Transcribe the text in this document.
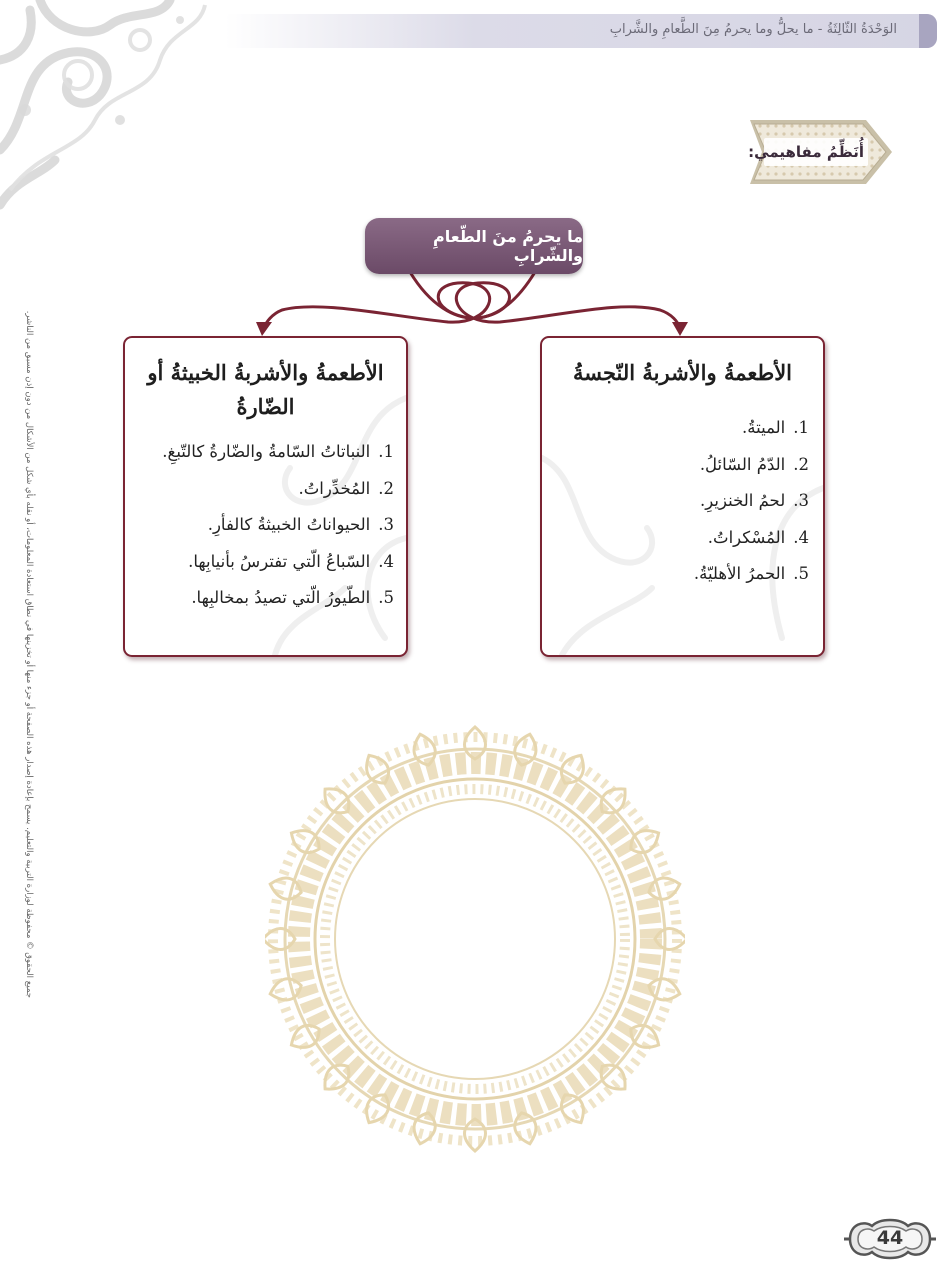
الوَحْدَةُ الثّالِثَةُ - ما يحلُّ وما يحرمُ مِنَ الطَّعامِ والشَّرابِ
جميع الحقوق © محفوظة لوزارة التربية والتعليم. يسمح بإعادة إصدار هذه الصفحة أو جزء منها أو تخزينها في نطاق استعادة المعلومات، أو نقله بأي شكل من الأشكال من دون إذن مسبق من الناشر.
أُنَظِّمُ مفاهيمي:
ما يحرمُ منَ الطّعامِ والشّرابِ
الأطعمةُ والأشربةُ الخبيثةُ أو الضّارةُ
1.النباتاتُ السّامةُ والضّارةُ كالتّبغِ.
2.المُخدِّراتُ.
3.الحيواناتُ الخبيثةُ كالفأرِ.
4.السّباعُ الّتي تفترسُ بأنيابِها.
5.الطّيورُ الّتي تصيدُ بمخالبِها.
الأطعمةُ والأشربةُ النّجسةُ
1.الميتةُ.
2.الدّمُ السّائلُ.
3.لحمُ الخنزيرِ.
4.المُسْكراتُ.
5.الحمرُ الأهليّةُ.
44
